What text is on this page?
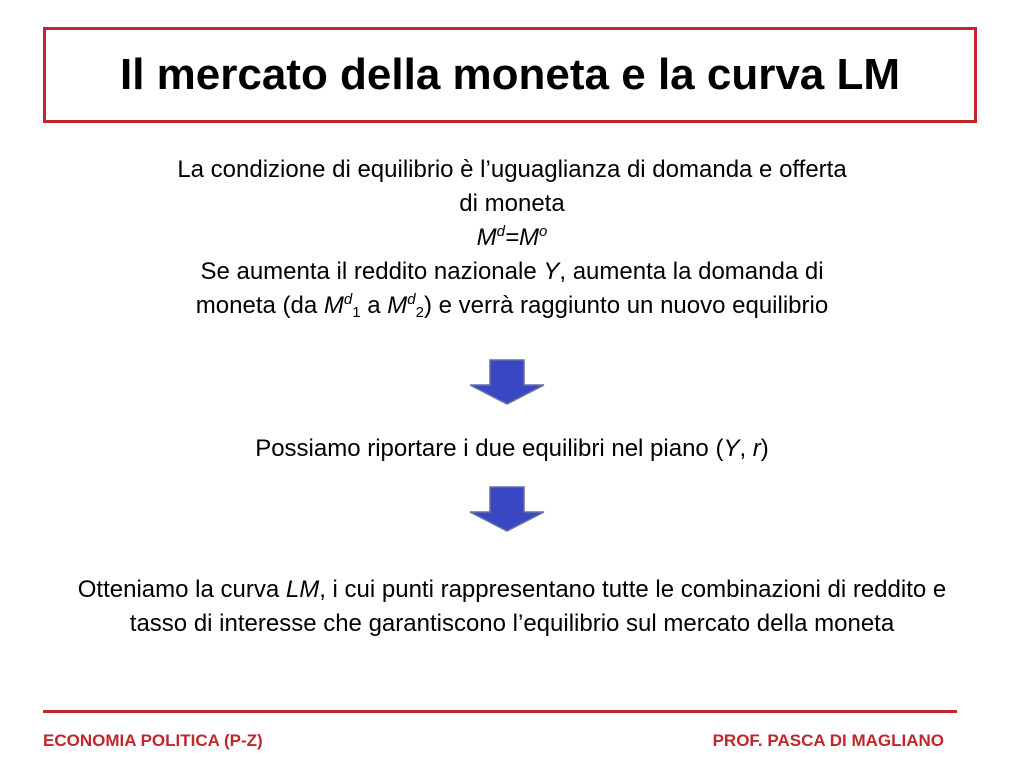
Il mercato della moneta e la curva LM
La condizione di equilibrio è l’uguaglianza di domanda e offerta
di moneta
$M^d=M^o$
Se aumenta il reddito nazionale Y, aumenta la domanda di
moneta (da $M^d_1$ a $M^d_2$) e verrà raggiunto un nuovo equilibrio
Possiamo riportare i due equilibri nel piano (Y, r)
Otteniamo la curva LM, i cui punti rappresentano tutte le combinazioni di reddito e tasso di interesse che garantiscono l’equilibrio sul mercato della moneta
ECONOMIA POLITICA (P-Z)	PROF. PASCA DI MAGLIANO
